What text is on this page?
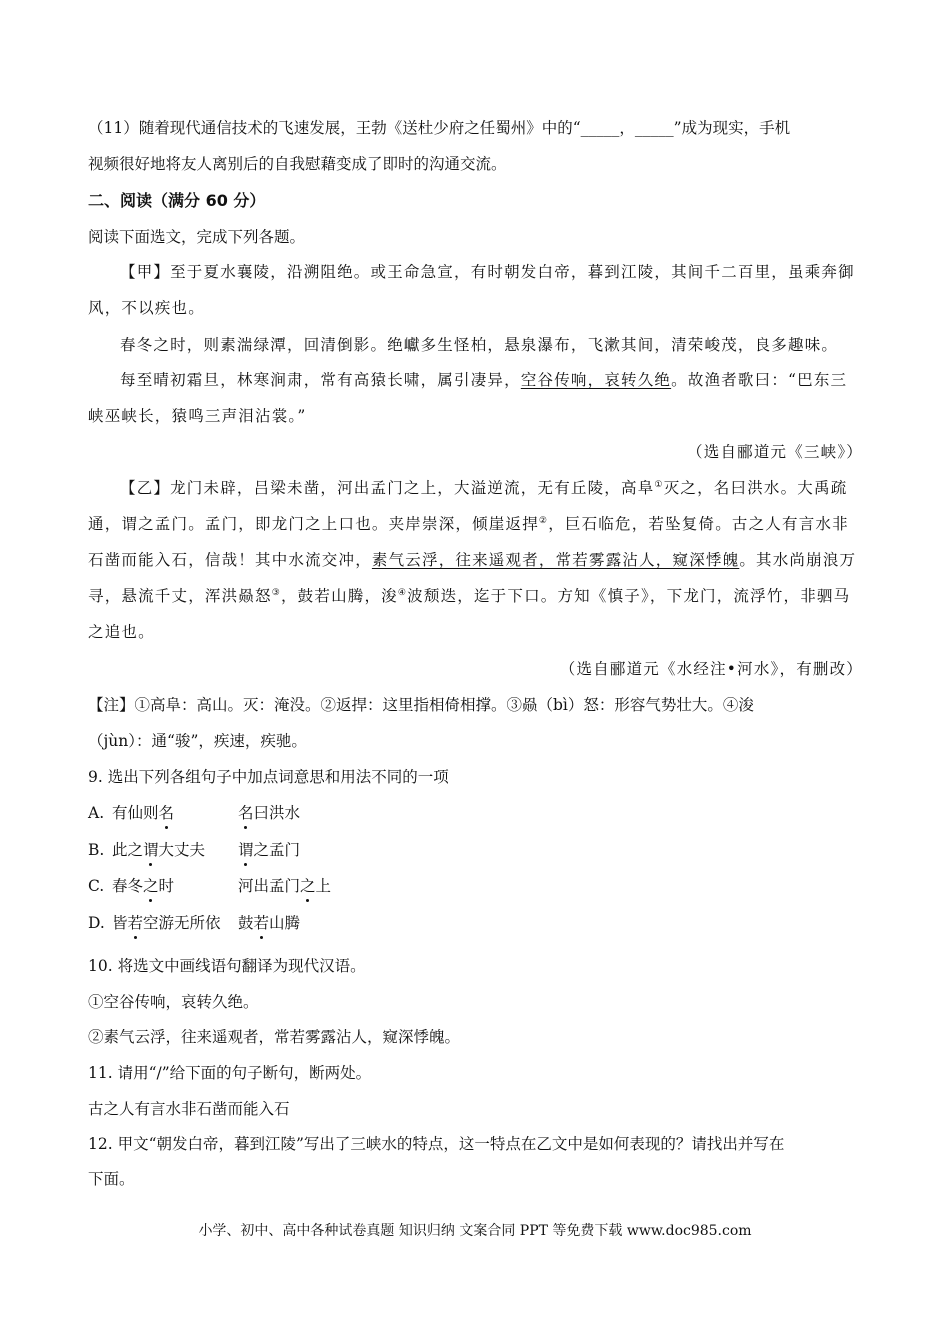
（11）随着现代通信技术的飞速发展，王勃《送杜少府之任蜀州》中的“_____，_____”成为现实，手机
视频很好地将友人离别后的自我慰藉变成了即时的沟通交流。
二、阅读（满分 60 分）
阅读下面选文，完成下列各题。
【甲】至于夏水襄陵，沿溯阻绝。或王命急宣，有时朝发白帝，暮到江陵，其间千二百里，虽乘奔御
风，不以疾也。
春冬之时，则素湍绿潭，回清倒影。绝巘多生怪柏，悬泉瀑布，飞漱其间，清荣峻茂，良多趣味。
每至晴初霜旦，林寒涧肃，常有高猿长啸，属引凄异，空谷传响，哀转久绝。故渔者歌曰：“巴东三
峡巫峡长，猿鸣三声泪沾裳。”
（选自郦道元《三峡》）
【乙】龙门未辟，吕梁未凿，河出孟门之上，大溢逆流，无有丘陵，高阜①灭之，名曰洪水。大禹疏
通，谓之孟门。孟门，即龙门之上口也。夹岸崇深，倾崖返捍②，巨石临危，若坠复倚。古之人有言水非
石凿而能入石，信哉！其中水流交冲，素气云浮，往来遥观者，常若雾露沾人，窥深悸魄。其水尚崩浪万
寻，悬流千丈，浑洪赑怒③，鼓若山腾，浚④波颓迭，迄于下口。方知《慎子》，下龙门，流浮竹，非驷马
之追也。
（选自郦道元《水经注•河水》，有删改）
【注】①高阜：高山。灭：淹没。②返捍：这里指相倚相撑。③赑（bì）怒：形容气势壮大。④浚
（jùn）：通“骏”，疾速，疾驰。
9. 选出下列各组句子中加点词意思和用法不同的一项
A. 有仙则名	名曰洪水
B. 此之谓大丈夫 谓之孟门
C. 春冬之时	河出孟门之上
D. 皆若空游无所依 鼓若山腾
10. 将选文中画线语句翻译为现代汉语。
①空谷传响，哀转久绝。
②素气云浮，往来遥观者，常若雾露沾人，窥深悸魄。
11. 请用“/”给下面的句子断句，断两处。
古之人有言水非石凿而能入石
12. 甲文“朝发白帝，暮到江陵”写出了三峡水的特点，这一特点在乙文中是如何表现的？请找出并写在
下面。
小学、初中、高中各种试卷真题 知识归纳 文案合同 PPT 等免费下载 www.doc985.com
